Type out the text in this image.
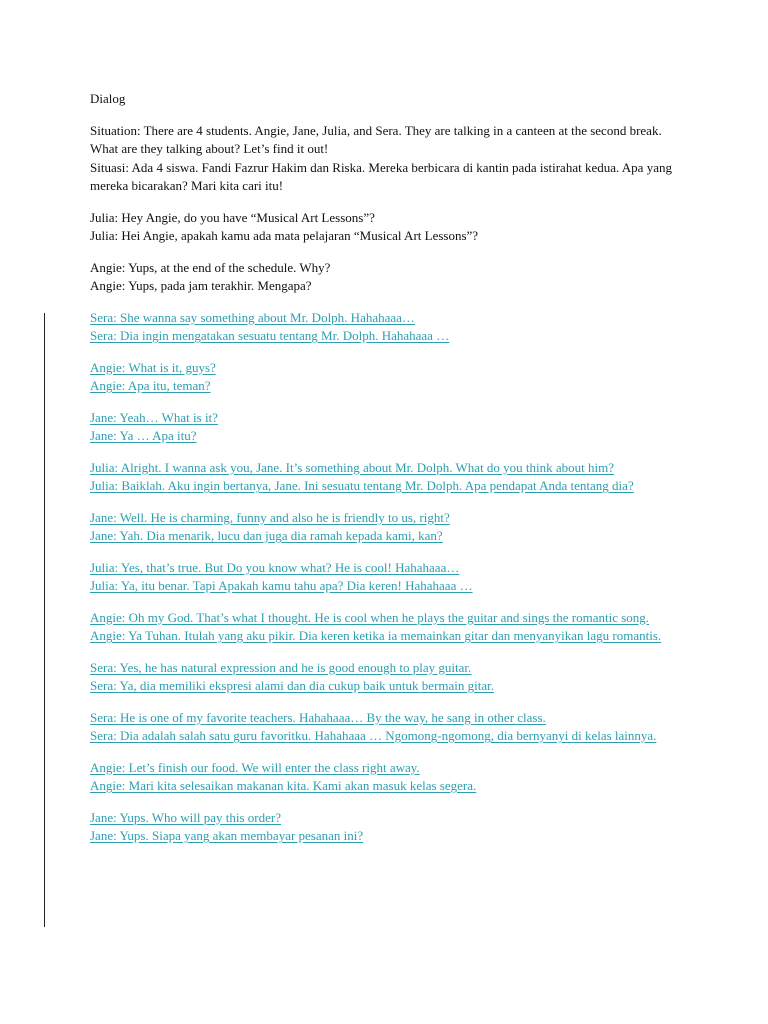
Dialog

Situation: There are 4 students. Angie, Jane, Julia, and Sera. They are talking in a canteen at the second break. What are they talking about? Let’s find it out!
Situasi: Ada 4 siswa. Fandi Fazrur Hakim dan Riska. Mereka berbicara di kantin pada istirahat kedua. Apa yang mereka bicarakan? Mari kita cari itu!
Julia: Hey Angie, do you have “Musical Art Lessons”?
Julia: Hei Angie, apakah kamu ada mata pelajaran “Musical Art Lessons”?
Angie: Yups, at the end of the schedule. Why?
Angie: Yups, pada jam terakhir. Mengapa?
Sera: She wanna say something about Mr. Dolph. Hahahaaa…
Sera: Dia ingin mengatakan sesuatu tentang Mr. Dolph. Hahahaaa …
Angie: What is it, guys?
Angie: Apa itu, teman?
Jane: Yeah… What is it?
Jane: Ya … Apa itu?
Julia: Alright. I wanna ask you, Jane. It’s something about Mr. Dolph. What do you think about him?
Julia: Baiklah. Aku ingin bertanya, Jane. Ini sesuatu tentang Mr. Dolph. Apa pendapat Anda tentang dia?
Jane: Well. He is charming, funny and also he is friendly to us, right?
Jane: Yah. Dia menarik, lucu dan juga dia ramah kepada kami, kan?
Julia: Yes, that’s true. But Do you know what? He is cool! Hahahaaa…
Julia: Ya, itu benar. Tapi Apakah kamu tahu apa? Dia keren! Hahahaaa …
Angie: Oh my God. That’s what I thought. He is cool when he plays the guitar and sings the romantic song.
Angie: Ya Tuhan. Itulah yang aku pikir. Dia keren ketika ia memainkan gitar dan menyanyikan lagu romantis.
Sera: Yes, he has natural expression and he is good enough to play guitar.
Sera: Ya, dia memiliki ekspresi alami dan dia cukup baik untuk bermain gitar.
Sera: He is one of my favorite teachers. Hahahaaa… By the way, he sang in other class.
Sera: Dia adalah salah satu guru favoritku. Hahahaaa … Ngomong-ngomong, dia bernyanyi di kelas lainnya.
Angie: Let’s finish our food. We will enter the class right away.
Angie: Mari kita selesaikan makanan kita. Kami akan masuk kelas segera.
Jane: Yups. Who will pay this order?
Jane: Yups. Siapa yang akan membayar pesanan ini?
